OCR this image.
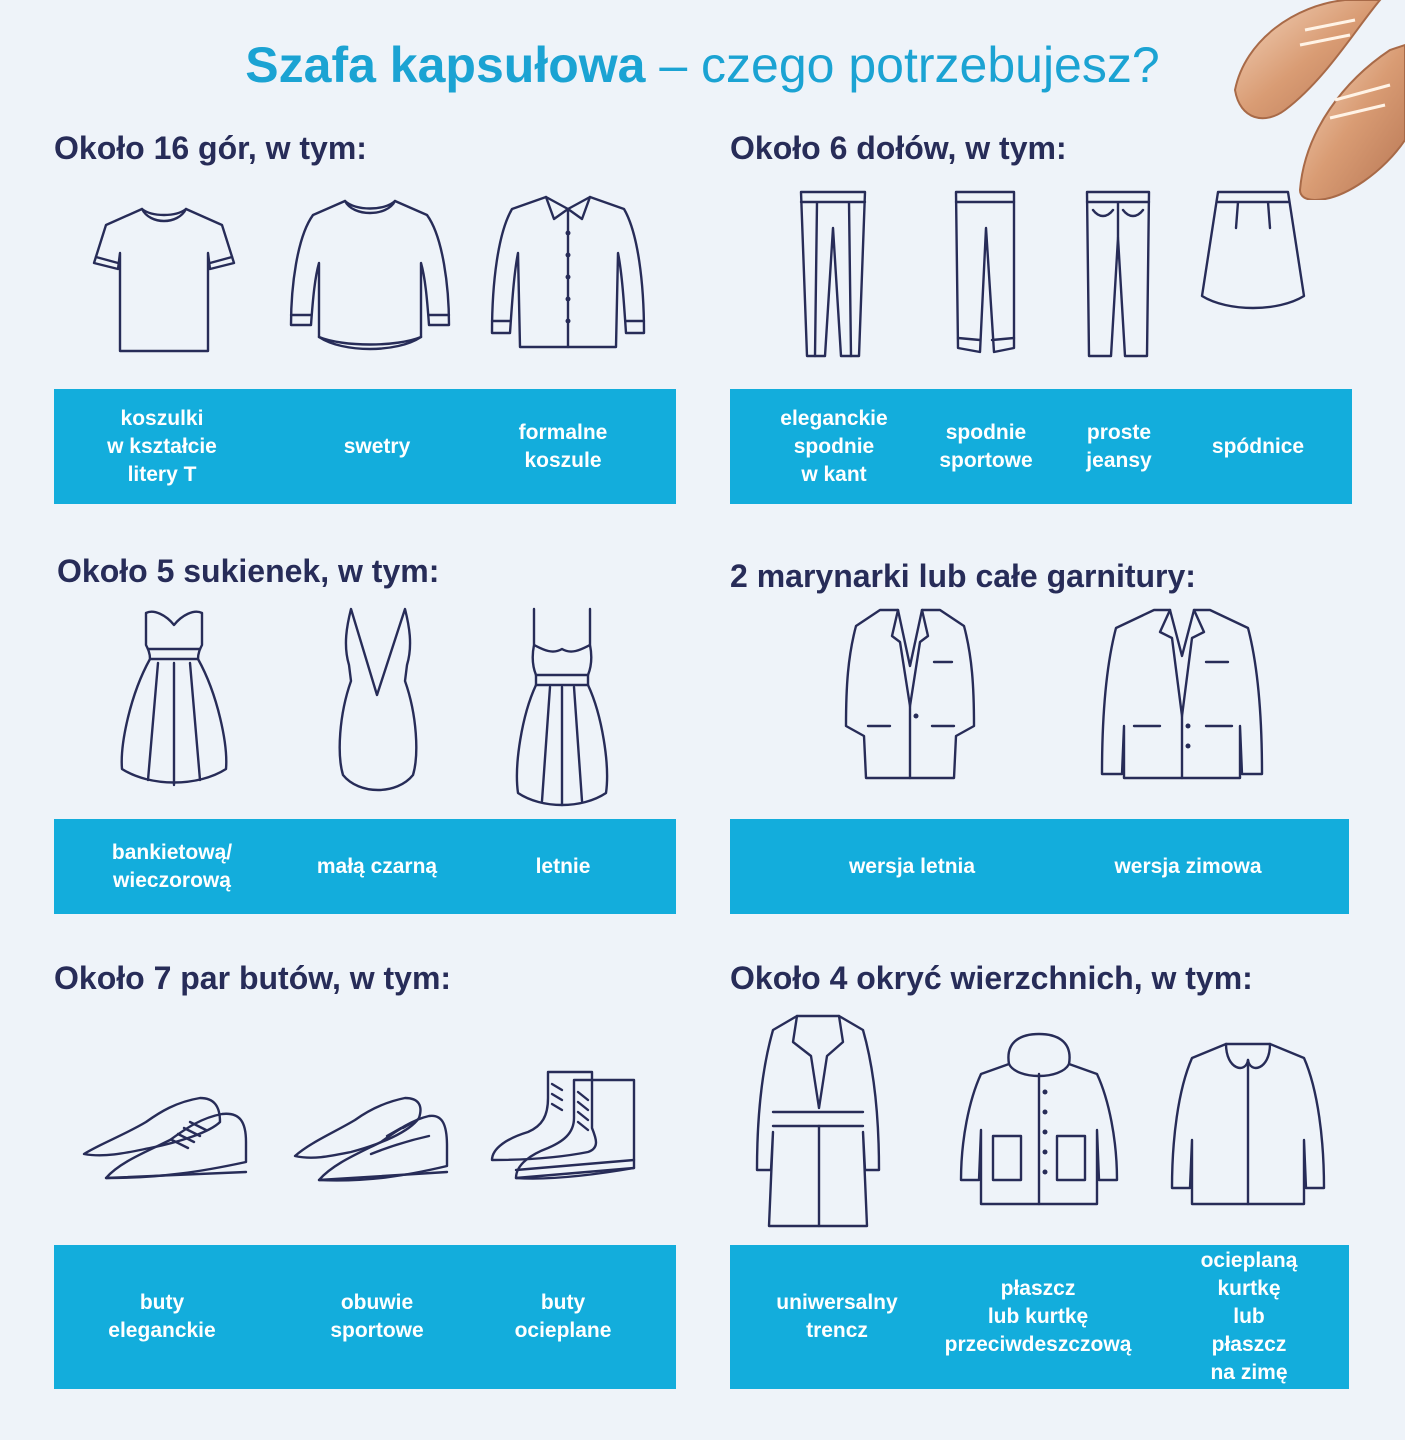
Szafa kapsułowa – czego potrzebujesz?
Około 16 gór, w tym:
koszulki
w kształcie
litery T
swetry
formalne
koszule
Około 6 dołów, w tym:
eleganckie
spodnie
w kant
spodnie
sportowe
proste
jeansy
spódnice
Około 5 sukienek, w tym:
bankietową/
wieczorową
małą czarną	letnie
2 marynarki lub całe garnitury:
wersja letnia	wersja zimowa
Około 7 par butów, w tym:
buty
eleganckie
obuwie
sportowe
buty
ocieplane
Około 4 okryć wierzchnich, w tym:
uniwersalny
trencz
płaszcz
lub kurtkę
przeciwdeszczową
ocieplaną
kurtkę
lub płaszcz
na zimę
